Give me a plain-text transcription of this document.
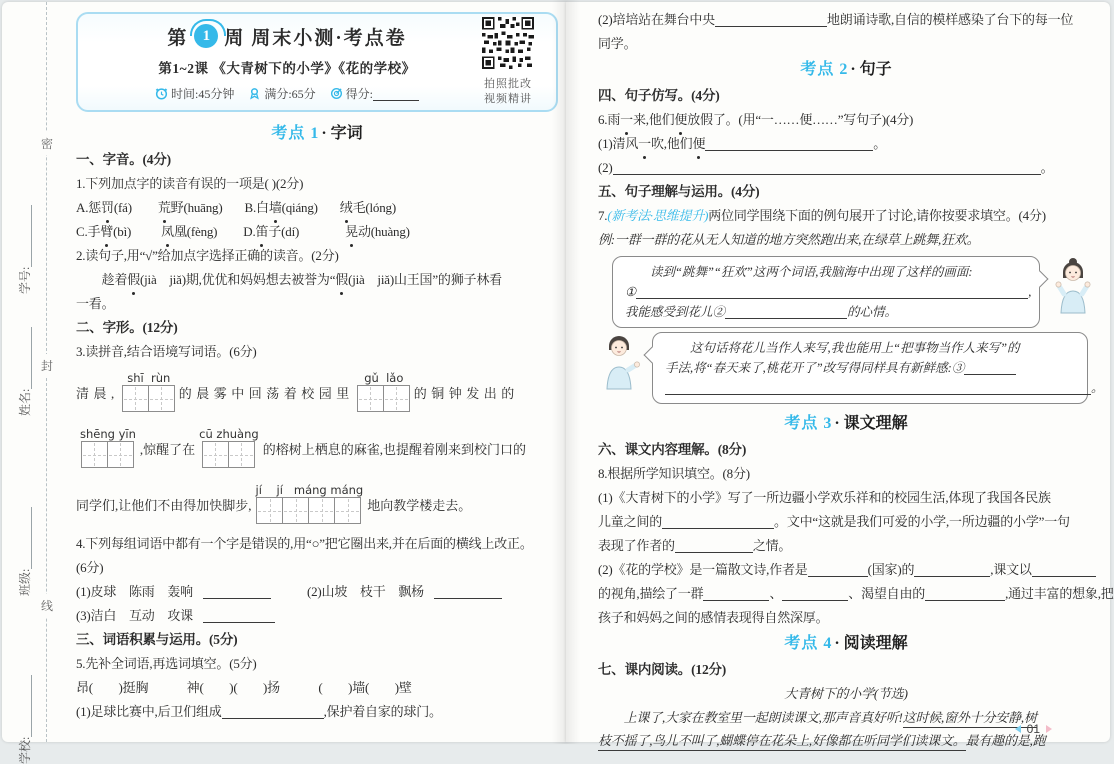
密
封
线
学号:
姓名:
班级:
学校:
第 1 周 周末小测·考点卷
第1~2课 《大青树下的小学》《花的学校》
时间:45分钟	满分:65分	得分:
拍照批改
视频精讲
考点 1 · 字词
一、字音。(4分)
1.下列加点字的读音有误的一项是( )(2分)
A.惩罚(fá) 荒野(huāng) B.白墙(qiáng) 绒毛(lóng)
C.手臂(bì) 凤凰(fèng) D.笛子(dí)	晃动(huàng)
2.读句子,用“√”给加点字选择正确的读音。(2分)
　　趁着假(jià　jiǎ)期,优优和妈妈想去被誉为“假(jià　jiǎ)山王国”的狮子林看
一看。
二、字形。(12分)
3.读拼音,结合语境写词语。(6分)
清晨,
shī  rùn
的晨雾中回荡着校园里
gǔ  lǎo
的铜钟发出的
shēng yīn
,惊醒了在
cū zhuàng
的榕树上栖息的麻雀,也提醒着刚来到校门口的
同学们,让他们不由得加快脚步,
jí    jí   máng máng
地向教学楼走去。
4.下列每组词语中都有一个字是错误的,用“○”把它圈出来,并在后面的横线上改正。
(6分)
(1)皮球　陈雨　轰响	(2)山坡　枝干　飘杨
(3)洁白　互动　攻课
三、词语积累与运用。(5分)
5.先补全词语,再选词填空。(5分)
昂(　　)挺胸　　　神(　　)(　　)扬　　　(　　)墙(　　)壁
(1)足球比赛中,后卫们组成	,保护着自家的球门。
(2)培培站在舞台中央	地朗诵诗歌,自信的模样感染了台下的每一位
同学。
考点 2 · 句子
四、句子仿写。(4分)
6.雨一来,他们便放假了。(用“一……便……”写句子)(4分)
(1)清风一吹,他们便	。
(2)	。
五、句子理解与运用。(4分)
7.(新考法·思维提升)两位同学围绕下面的例句展开了讨论,请你按要求填空。(4分)
例:一群一群的花从无人知道的地方突然跑出来,在绿草上跳舞,狂欢。
读到“跳舞”“狂欢”这两个词语,我脑海中出现了这样的画面:
①	,
我能感受到花儿②	的心情。
这句话将花儿当作人来写,我也能用上“把事物当作人来写”的
手法,将“春天来了,桃花开了”改写得同样具有新鲜感:③
。
考点 3 · 课文理解
六、课文内容理解。(8分)
8.根据所学知识填空。(8分)
(1)《大青树下的小学》写了一所边疆小学欢乐祥和的校园生活,体现了我国各民族
儿童之间的	。文中“这就是我们可爱的小学,一所边疆的小学”一句
表现了作者的	之情。
(2)《花的学校》是一篇散文诗,作者是	(国家)的	,课文以
的视角,描绘了一群	、	、渴望自由的	,通过丰富的想象,把
孩子和妈妈之间的感情表现得自然深厚。
考点 4 · 阅读理解
七、课内阅读。(12分)
大青树下的小学(节选)
　　上课了,大家在教室里一起朗读课文,那声音真好听!这时候,窗外十分安静,树
枝不摇了,鸟儿不叫了,蝴蝶停在花朵上,好像都在听同学们读课文。最有趣的是,跑
01
